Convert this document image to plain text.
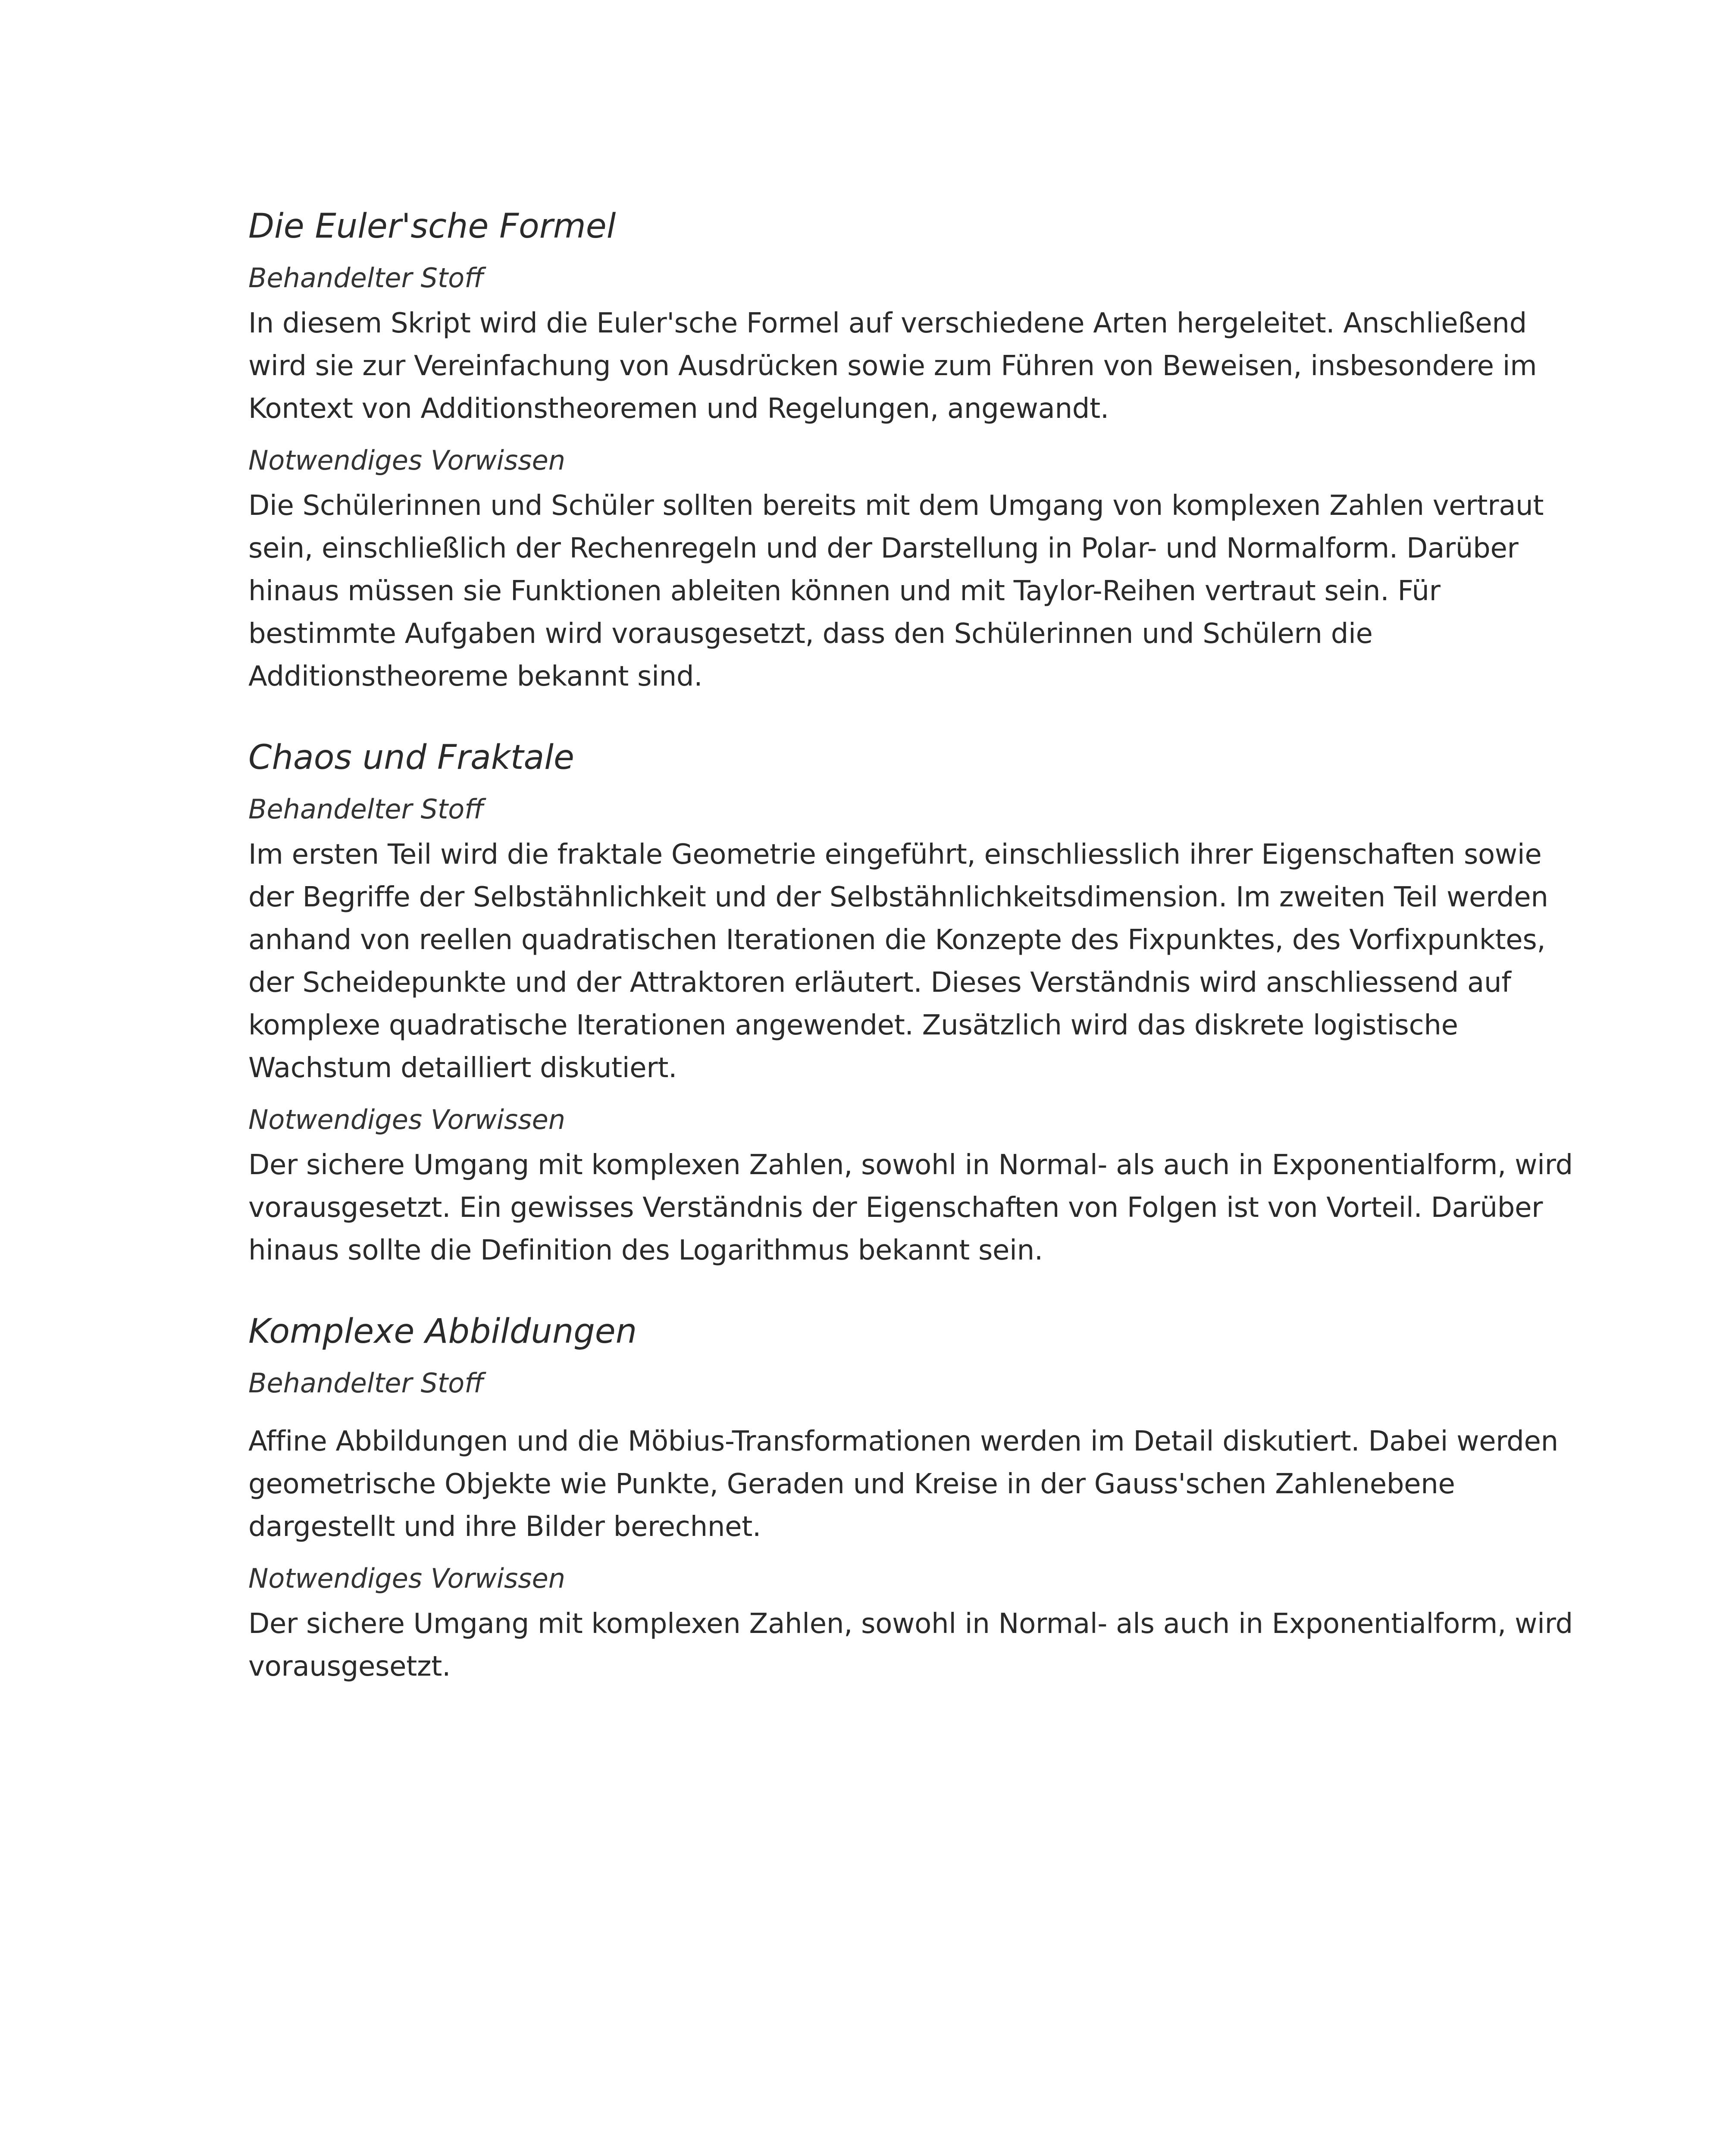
Die Euler'sche Formel
Behandelter Stoff

In diesem Skript wird die Euler'sche Formel auf verschiedene Arten hergeleitet. Anschließend wird sie zur Vereinfachung von Ausdrücken sowie zum Führen von Beweisen, insbesondere im Kontext von Additionstheoremen und Regelungen, angewandt.

Notwendiges Vorwissen

Die Schülerinnen und Schüler sollten bereits mit dem Umgang von komplexen Zahlen vertraut sein, einschließlich der Rechenregeln und der Darstellung in Polar- und Normalform. Darüber hinaus müssen sie Funktionen ableiten können und mit Taylor-Reihen vertraut sein. Für bestimmte Aufgaben wird vorausgesetzt, dass den Schülerinnen und Schülern die Additionstheoreme bekannt sind.

Chaos und Fraktale
Behandelter Stoff

Im ersten Teil wird die fraktale Geometrie eingeführt, einschliesslich ihrer Eigenschaften sowie der Begriffe der Selbstähnlichkeit und der Selbstähnlichkeitsdimension. Im zweiten Teil werden anhand von reellen quadratischen Iterationen die Konzepte des Fixpunktes, des Vorfixpunktes, der Scheidepunkte und der Attraktoren erläutert. Dieses Verständnis wird anschliessend auf komplexe quadratische Iterationen angewendet. Zusätzlich wird das diskrete logistische Wachstum detailliert diskutiert.

Notwendiges Vorwissen

Der sichere Umgang mit komplexen Zahlen, sowohl in Normal- als auch in Exponentialform, wird vorausgesetzt. Ein gewisses Verständnis der Eigenschaften von Folgen ist von Vorteil. Darüber hinaus sollte die Definition des Logarithmus bekannt sein.

Komplexe Abbildungen
Behandelter Stoff

Affine Abbildungen und die Möbius-Transformationen werden im Detail diskutiert. Dabei werden geometrische Objekte wie Punkte, Geraden und Kreise in der Gauss'schen Zahlenebene dargestellt und ihre Bilder berechnet.

Notwendiges Vorwissen

Der sichere Umgang mit komplexen Zahlen, sowohl in Normal- als auch in Exponentialform, wird vorausgesetzt.
